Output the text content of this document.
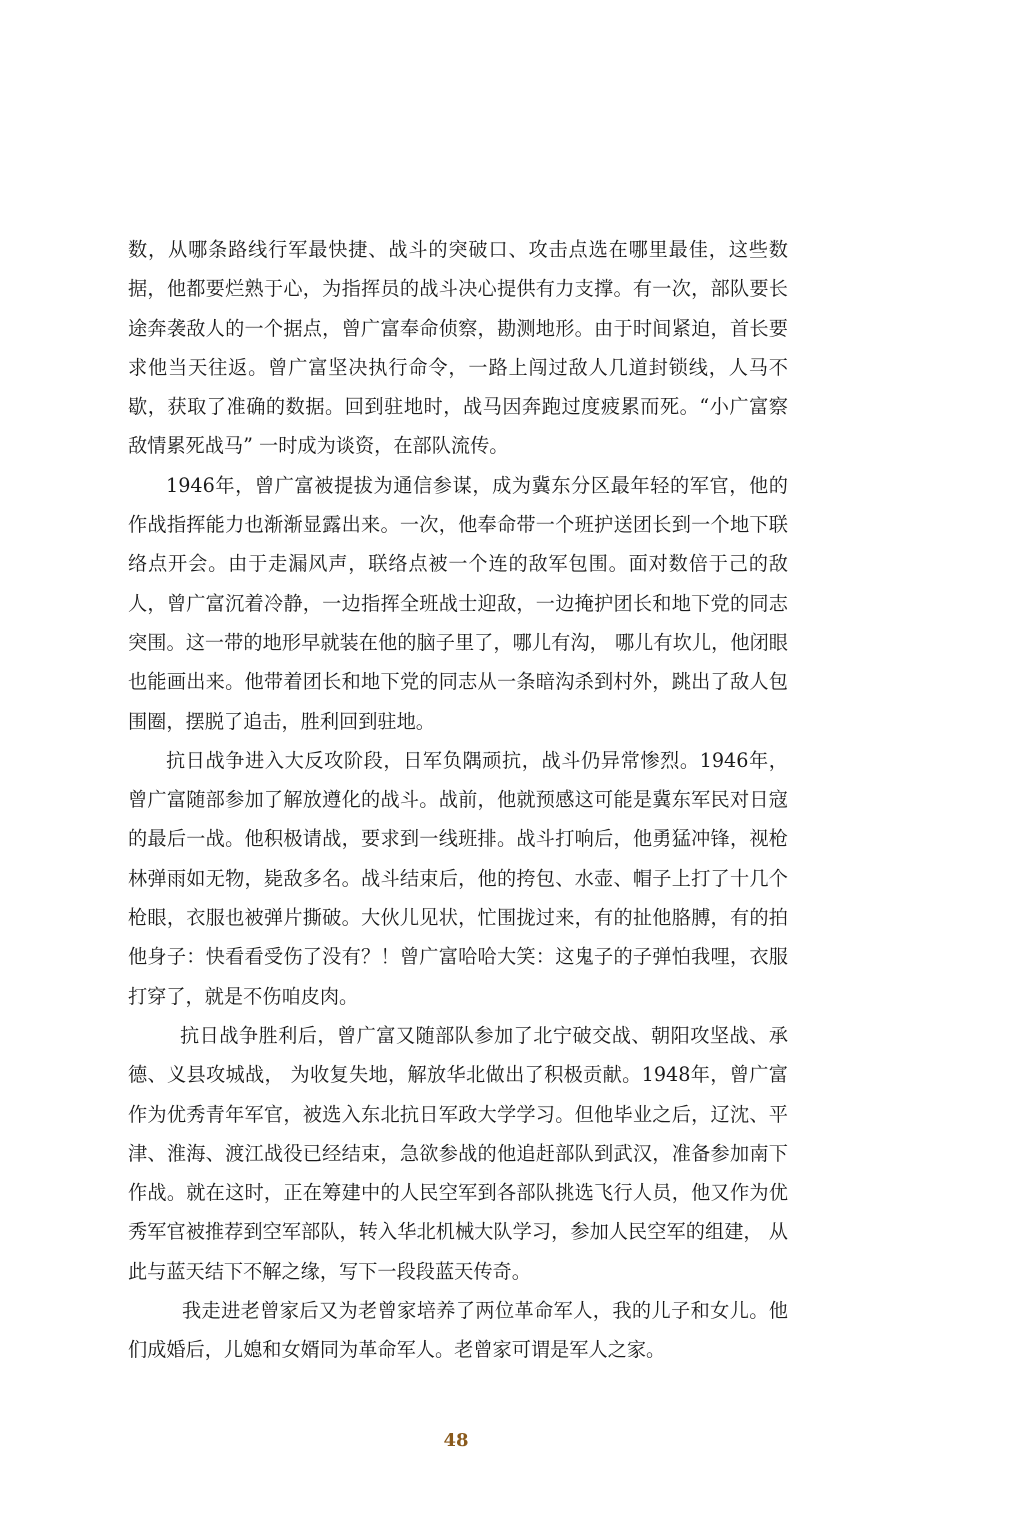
数，从哪条路线行军最快捷、战斗的突破口、攻击点选在哪里最佳，这些数据，他都要烂熟于心，为指挥员的战斗决心提供有力支撑。有一次，部队要长途奔袭敌人的一个据点，曾广富奉命侦察，勘测地形。由于时间紧迫，首长要求他当天往返。曾广富坚决执行命令，一路上闯过敌人几道封锁线，人马不歇，获取了准确的数据。回到驻地时，战马因奔跑过度疲累而死。“小广富察敌情累死战马” 一时成为谈资，在部队流传。

1946年，曾广富被提拔为通信参谋，成为冀东分区最年轻的军官，他的作战指挥能力也渐渐显露出来。一次，他奉命带一个班护送团长到一个地下联络点开会。由于走漏风声，联络点被一个连的敌军包围。面对数倍于己的敌人，曾广富沉着冷静，一边指挥全班战士迎敌，一边掩护团长和地下党的同志突围。这一带的地形早就装在他的脑子里了，哪儿有沟， 哪儿有坎儿，他闭眼也能画出来。他带着团长和地下党的同志从一条暗沟杀到村外，跳出了敌人包围圈，摆脱了追击，胜利回到驻地。

抗日战争进入大反攻阶段，日军负隅顽抗，战斗仍异常惨烈。1946年，曾广富随部参加了解放遵化的战斗。战前，他就预感这可能是冀东军民对日寇的最后一战。他积极请战，要求到一线班排。战斗打响后，他勇猛冲锋，视枪林弹雨如无物，毙敌多名。战斗结束后，他的挎包、水壶、帽子上打了十几个枪眼，衣服也被弹片撕破。大伙儿见状，忙围拢过来，有的扯他胳膊，有的拍他身子：快看看受伤了没有？！曾广富哈哈大笑：这鬼子的子弹怕我哩，衣服打穿了，就是不伤咱皮肉。

抗日战争胜利后，曾广富又随部队参加了北宁破交战、朝阳攻坚战、承德、义县攻城战， 为收复失地，解放华北做出了积极贡献。1948年，曾广富作为优秀青年军官，被选入东北抗日军政大学学习。但他毕业之后，辽沈、平津、淮海、渡江战役已经结束，急欲参战的他追赶部队到武汉，准备参加南下作战。就在这时，正在筹建中的人民空军到各部队挑选飞行人员，他又作为优秀军官被推荐到空军部队，转入华北机械大队学习，参加人民空军的组建， 从此与蓝天结下不解之缘，写下一段段蓝天传奇。

我走进老曾家后又为老曾家培养了两位革命军人，我的儿子和女儿。他们成婚后，儿媳和女婿同为革命军人。老曾家可谓是军人之家。

48
